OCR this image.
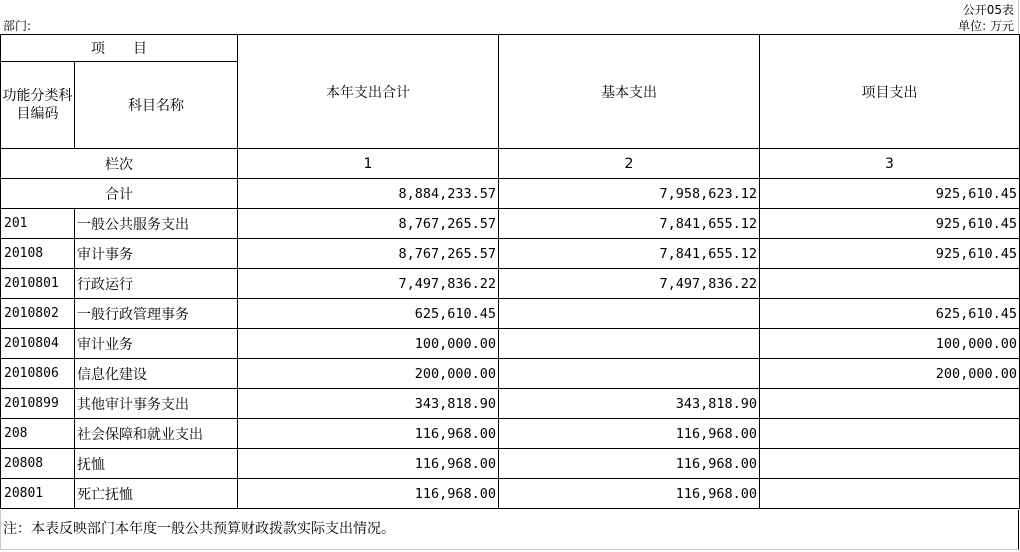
公开05表
部门:	单位: 万元
项 目		本年支出合计	基本支出	项目支出
功能分类科目编码	科目名称			
栏次		1	2	3
合计		8,884,233.57	7,958,623.12	925,610.45
201	一般公共服务支出	8,767,265.57	7,841,655.12	925,610.45
20108	审计事务	8,767,265.57	7,841,655.12	925,610.45
2010801	行政运行	7,497,836.22	7,497,836.22	
2010802	一般行政管理事务	625,610.45		625,610.45
2010804	审计业务	100,000.00		100,000.00
2010806	信息化建设	200,000.00		200,000.00
2010899	其他审计事务支出	343,818.90	343,818.90	
208	社会保障和就业支出	116,968.00	116,968.00	
20808	抚恤	116,968.00	116,968.00	
20801	死亡抚恤	116,968.00	116,968.00	
注：本表反映部门本年度一般公共预算财政拨款实际支出情况。
